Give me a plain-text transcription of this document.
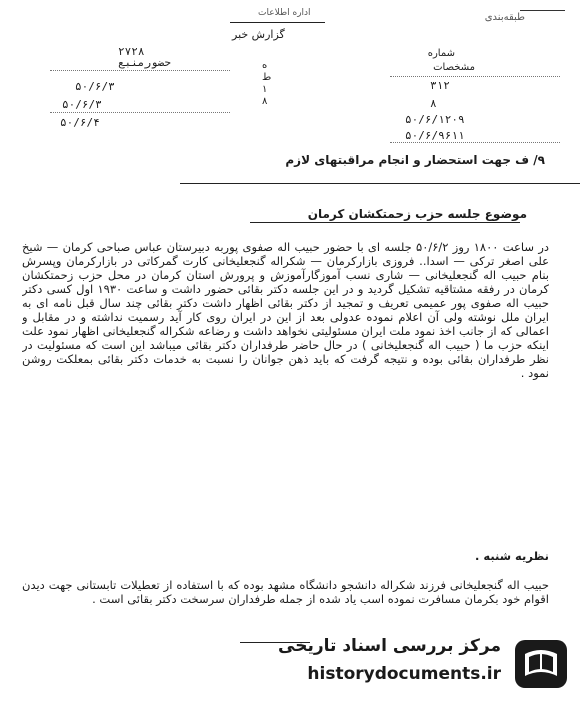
طبقه‌بندی
گزارش خبر
اداره اطلاعات
حضورمنبع
۲۷۲۸
۵۰/۶/۳
۵۰/۶/۳
۵۰/۶/۴
ه
ط
۱
۸
شماره
مشخصات
۳۱۲
۸
۵۰/۶/۱۲۰۹
۵۰/۶/۹۶۱۱
۹/ ف جهت استحضار و انجام مراقبتهای لازم
موضوع جلسه حزب زحمتکشان کرمان
در ساعت ۱۸۰۰ روز ۵۰/۶/۲ جلسه ای با حضور حبیب اله صفوی پوربه دبیرستان عباس صباحی کرمان — شیخ علی اصغر ترکی — اسدا.. فروزی بازارکرمان — شکراله گنجعلیخانی کارت گمرکاتی در بازارکرمان وپسرش بنام حبیب اله گنجعلیخانی — شاری نسب آموزگارآموزش و پرورش استان کرمان در محل حزب زحمتکشان کرمان در رفقه مشتاقیه تشکیل گردید و در این جلسه دکتر بقائی حضور داشت و ساعت ۱۹۳۰ اول کسی دکتر حبیب اله صفوی پور عمیمی تعریف و تمجید از دکتر بقائی اظهار داشت دکتر بقائی چند سال قبل نامه ای به ایران ملل نوشته ولی آن اعلام نموده عدولی بعد از این در ایران روی کار آید رسمیت نداشته و در مقابل و اعمالی که از جانب اخذ نمود ملت ایران مسئولیتی نخواهد داشت و رضاعه شکراله گنجعلیخانی اظهار نمود علت اینکه حزب ما ( حبیب اله گنجعلیخانی ) در حال حاضر طرفداران دکتر بقائی میباشد این است که مسئولیت در نظر طرفداران بقائی بوده و نتیجه گرفت که باید ذهن جوانان را نسبت به خدمات دکتر بقائی بمعلکت روشن نمود .
نظریه شنبه .
حبیب اله گنجعلیخانی فرزند شکراله دانشجو دانشگاه مشهد بوده که با استفاده از تعطیلات تابستانی جهت دیدن اقوام خود بکرمان مسافرت نموده اسب یاد شده از جمله طرفداران سرسخت دکتر بقائی است .
مرکز بررسی اسناد تاریخی
historydocuments.ir
